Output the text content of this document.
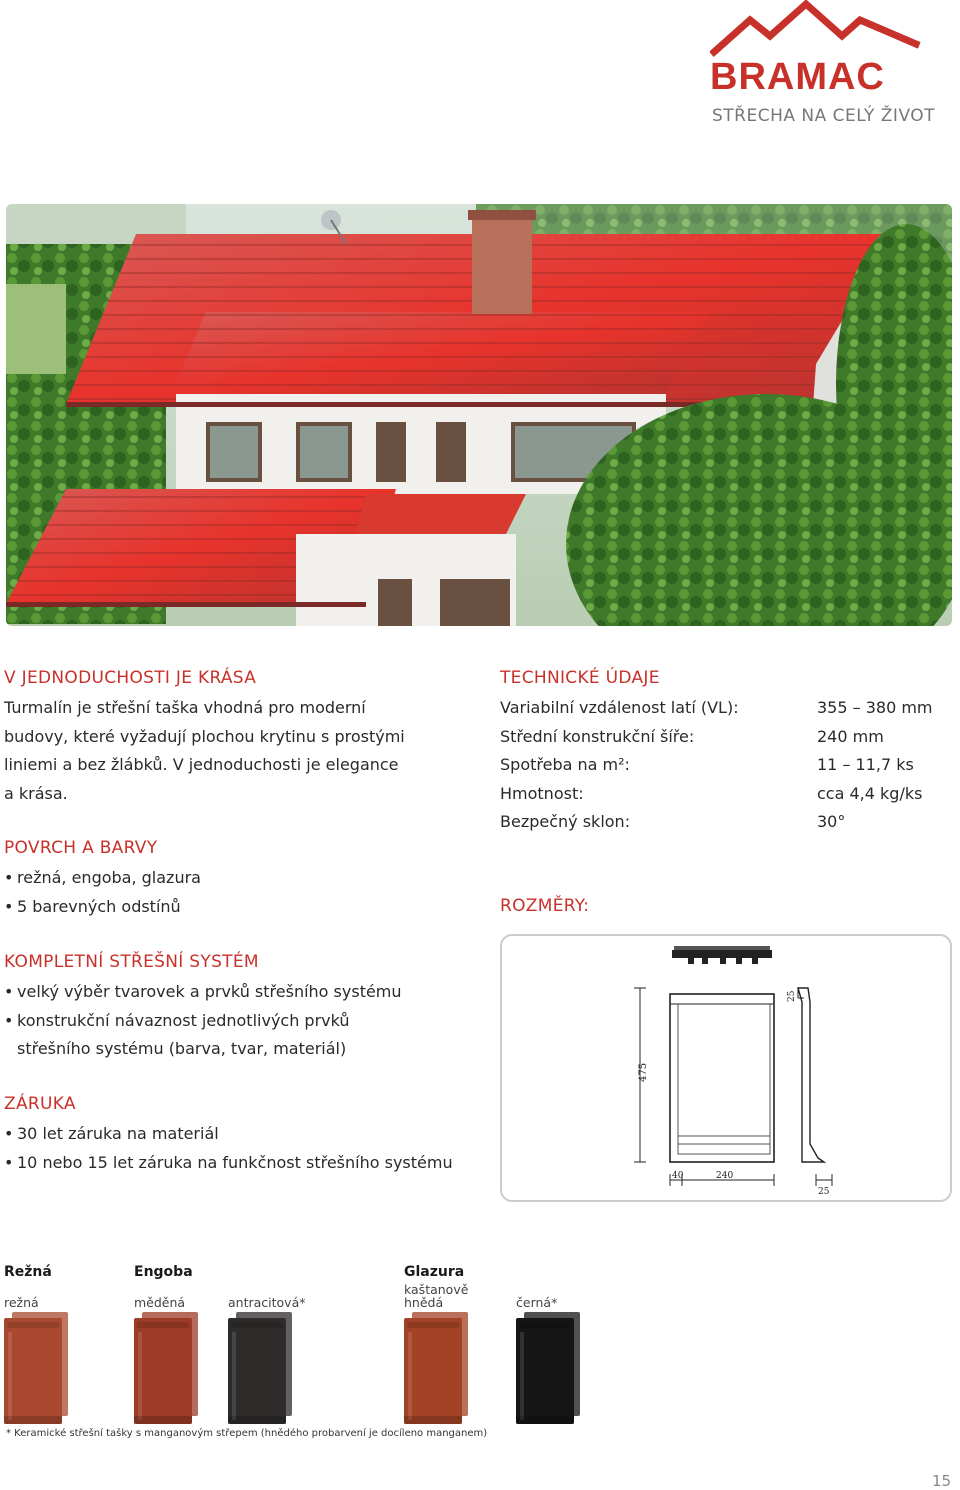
BRAMAC
STŘECHA NA CELÝ ŽIVOT
V JEDNODUCHOSTI JE KRÁSA
Turmalín je střešní taška vhodná pro moderní
budovy, které vyžadují plochou krytinu s prostými
liniemi a bez žlábků. V jednoduchosti je elegance
a krása.
POVRCH A BARVY
• režná, engoba, glazura
• 5 barevných odstínů
KOMPLETNÍ STŘEŠNÍ SYSTÉM
• velký výběr tvarovek a prvků střešního systému
• konstrukční návaznost jednotlivých prvků
střešního systému (barva, tvar, materiál)
ZÁRUKA
• 30 let záruka na materiál
• 10 nebo 15 let záruka na funkčnost střešního systému
TECHNICKÉ ÚDAJE
Variabilní vzdálenost latí (VL):	355 – 380 mm
Střední konstrukční šíře:	240 mm
Spotřeba na m²:	11 – 11,7 ks
Hmotnost:	cca 4,4 kg/ks
Bezpečný sklon:	30°
ROZMĚRY:
475
25
40	240
25
Režná	Engoba	Glazura
režná	měděná	antracitová*
kaštanově
hnědá	černá*
* Keramické střešní tašky s manganovým střepem (hnědého probarvení je docíleno manganem)
15
